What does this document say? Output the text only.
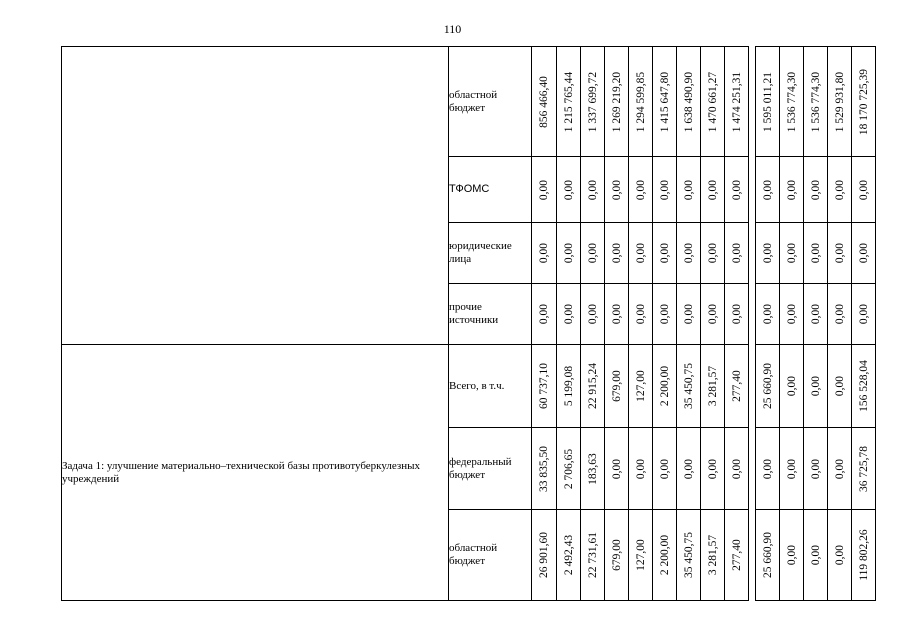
110
	областной бюджет	856 466,40	1 215 765,44	1 337 699,72	1 269 219,20	1 294 599,85	1 415 647,80	1 638 490,90	1 470 661,27	1 474 251,31		1 595 011,21	1 536 774,30	1 536 774,30	1 529 931,80	18 170 725,39

	ТФОМС	0,00	0,00	0,00	0,00	0,00	0,00	0,00	0,00	0,00		0,00	0,00	0,00	0,00	0,00

	юридические лица	0,00	0,00	0,00	0,00	0,00	0,00	0,00	0,00	0,00		0,00	0,00	0,00	0,00	0,00

	прочие источники	0,00	0,00	0,00	0,00	0,00	0,00	0,00	0,00	0,00		0,00	0,00	0,00	0,00	0,00

Задача 1: улучшение материально–технической базы противотуберкулезных учреждений	Всего, в т.ч.	60 737,10	5 199,08	22 915,24	679,00	127,00	2 200,00	35 450,75	3 281,57	277,40		25 660,90	0,00	0,00	0,00	156 528,04

	федеральный бюджет	33 835,50	2 706,65	183,63	0,00	0,00	0,00	0,00	0,00	0,00		0,00	0,00	0,00	0,00	36 725,78

	областной бюджет	26 901,60	2 492,43	22 731,61	679,00	127,00	2 200,00	35 450,75	3 281,57	277,40		25 660,90	0,00	0,00	0,00	119 802,26
